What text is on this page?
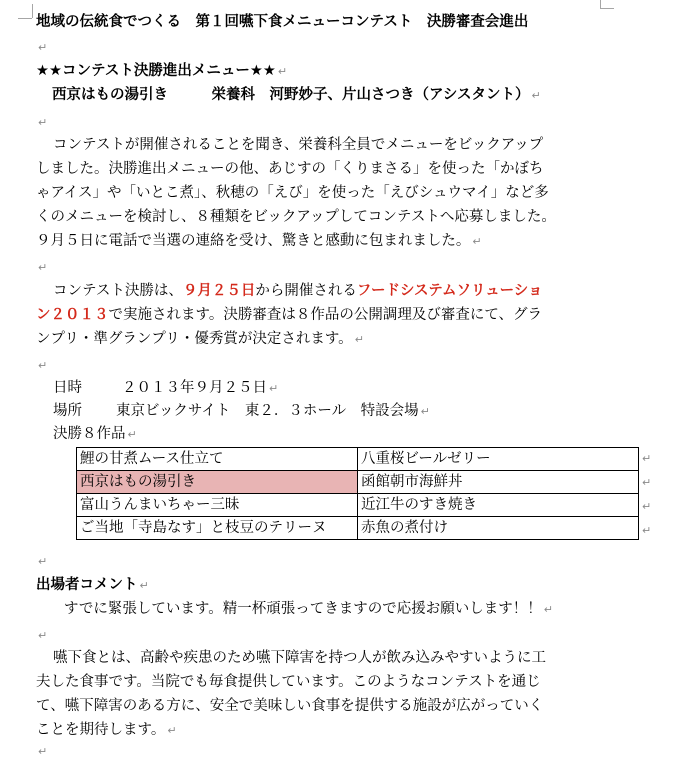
地域の伝統食でつくる　第１回嚥下食メニューコンテスト　決勝審査会進出
↵
★★コンテスト決勝進出メニュー★★ ↵
西京はもの湯引き　　　栄養科　河野妙子、片山さつき（アシスタント） ↵
↵
コンテストが開催されることを聞き、栄養科全員でメニューをビックアップ
しました。決勝進出メニューの他、あじすの「くりまさる」を使った「かぼち
ゃアイス」や「いとこ煮」、秋穂の「えび」を使った「えびシュウマイ」など多
くのメニューを検討し、８種類をビックアップしてコンテストへ応募しました。
９月５日に電話で当選の連絡を受け、驚きと感動に包まれました。 ↵
↵
コンテスト決勝は、９月２５日から開催されるフードシステムソリューショ
ン２０１３で実施されます。決勝審査は８作品の公開調理及び審査にて、グラ
ンプリ・準グランプリ・優秀賞が決定されます。 ↵
↵
日時	２０１３年９月２５日 ↵
場所 東京ビックサイト　東２．３ホール　特設会場 ↵
決勝８作品 ↵
鯉の甘煮ムース仕立て	八重桜ビールゼリー
西京はもの湯引き	函館朝市海鮮丼
富山うんまいちゃー三昧	近江牛のすき焼き
ご当地「寺島なす」と枝豆のテリーヌ	赤魚の煮付け
↵
↵
↵
↵
↵
出場者コメント ↵
すでに緊張しています。精一杯頑張ってきますので応援お願いします！！ ↵
↵
嚥下食とは、高齢や疾患のため嚥下障害を持つ人が飲み込みやすいように工
夫した食事です。当院でも毎食提供しています。このようなコンテストを通じ
て、嚥下障害のある方に、安全で美味しい食事を提供する施設が広がっていく
ことを期待します。 ↵
↵
